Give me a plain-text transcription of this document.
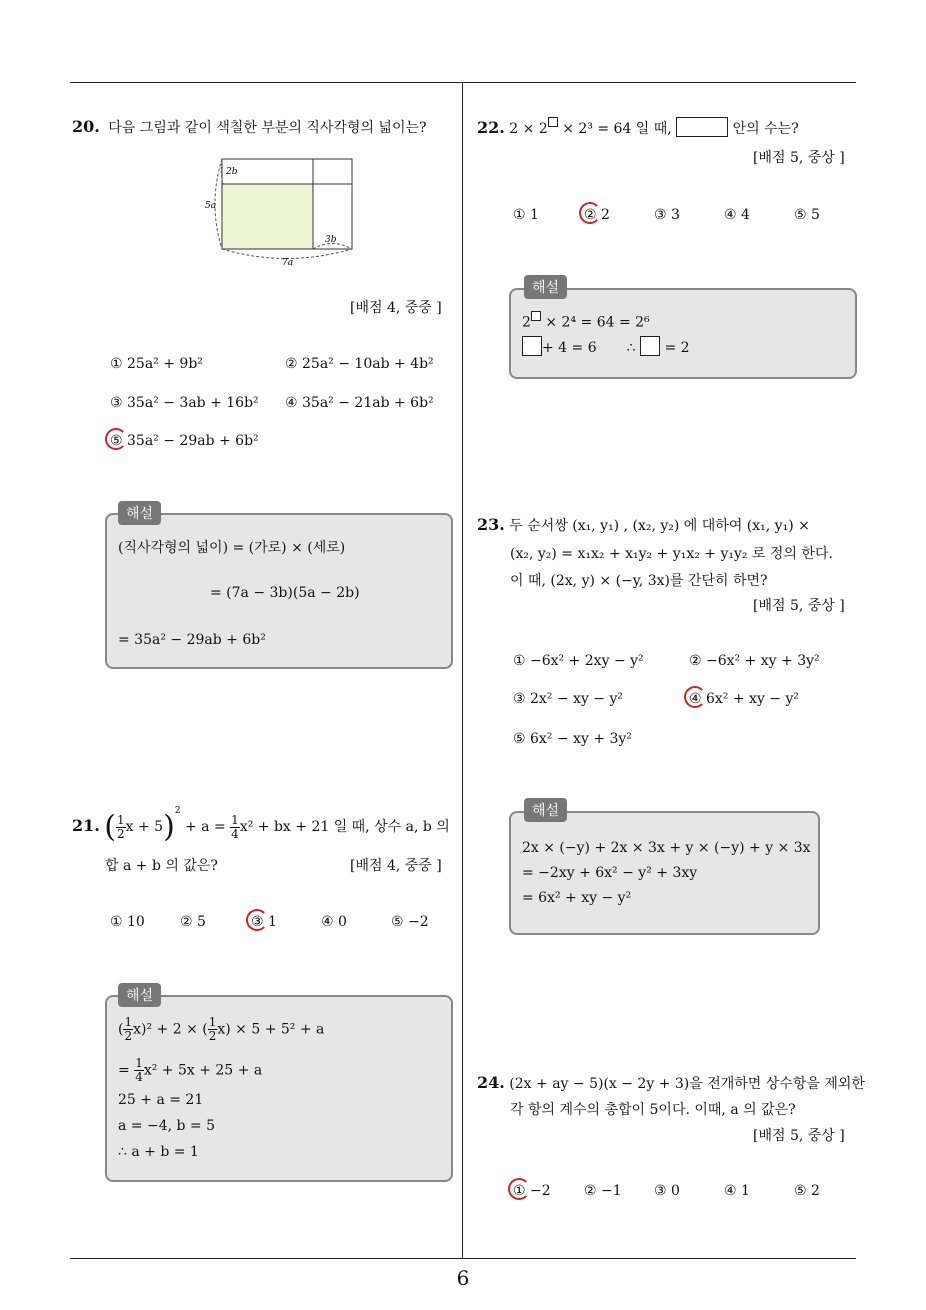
6
20. 다음 그림과 같이 색칠한 부분의 직사각형의 넓이는?
2b
5a
3b
7a
[배점 4, 중중 ]
① 25a² + 9b²	② 25a² − 10ab + 4b²
③ 35a² − 3ab + 16b² ④ 35a² − 21ab + 6b²
⑤ 35a² − 29ab + 6b²
해설
(직사각형의 넓이) = (가로) × (세로)
= (7a − 3b)(5a − 2b)
= 35a² − 29ab + 6b²
21. ( $\frac{1}{2}$ $x + 5)^2 + a = \frac{1}{4} x^2$ + bx + 21 일 때, 상수 a, b 의
합 a + b 의 값은?	[배점 4, 중중 ]
① 10	② 5	③ 1	④ 0	⑤ −2
해설
( $\frac{1}{2} x)^2 + 2$ × ( $\frac{1}{2} x) \times 5 + 5^2 + a$
= $\frac{1}{4} x^2 + 5x + 25 + a$
25 + a = 21
a = −4, b = 5
∴ a + b = 1
22. 2 × 2 × 2³ = 64 일 때,	안의 수는?
[배점 5, 중상 ]
① 1	② 2	③ 3	④ 4	⑤ 5
해설
2 × 2⁴ = 64 = 2⁶
+ 4 = 6 ∴ = 2
23. 두 순서쌍 (x₁, y₁) , (x₂, y₂) 에 대하여 (x₁, y₁) ×
(x₂, y₂) = x₁x₂ + x₁y₂ + y₁x₂ + y₁y₂ 로 정의 한다.
이 때, (2x, y) × (−y, 3x)를 간단히 하면?
[배점 5, 중상 ]
① −6x² + 2xy − y²	② −6x² + xy + 3y²
③ 2x² − xy − y²	④ 6x² + xy − y²
⑤ 6x² − xy + 3y²
해설
2x × (−y) + 2x × 3x + y × (−y) + y × 3x
= −2xy + 6x² − y² + 3xy
= 6x² + xy − y²
24. (2x + ay − 5)(x − 2y + 3)을 전개하면 상수항을 제외한
각 항의 계수의 총합이 5이다. 이때, a 의 값은?
[배점 5, 중상 ]
① −2 ② −1 ③ 0	④ 1	⑤ 2
